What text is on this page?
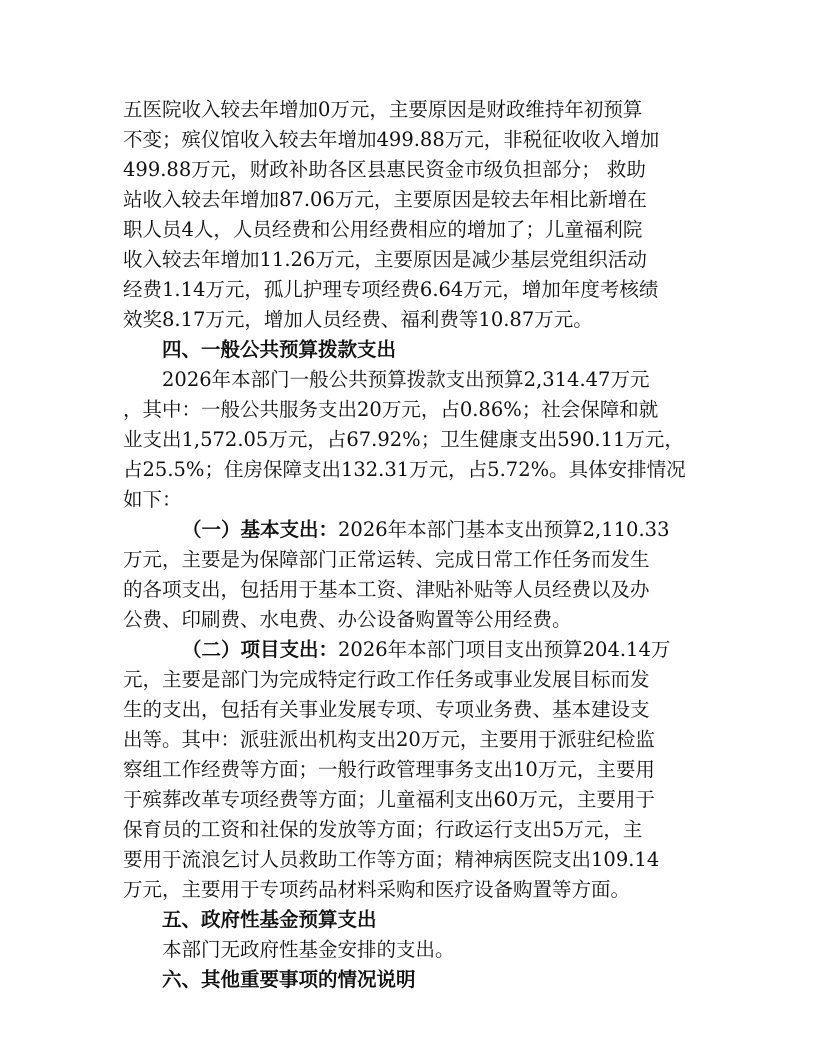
五医院收入较去年增加0万元，主要原因是财政维持年初预算
不变；殡仪馆收入较去年增加499.88万元，非税征收收入增加
499.88万元，财政补助各区县惠民资金市级负担部分； 救助
站收入较去年增加87.06万元，主要原因是较去年相比新增在
职人员4人，人员经费和公用经费相应的增加了；儿童福利院
收入较去年增加11.26万元，主要原因是减少基层党组织活动
经费1.14万元，孤儿护理专项经费6.64万元，增加年度考核绩
效奖8.17万元，增加人员经费、福利费等10.87万元。
四、一般公共预算拨款支出
2026年本部门一般公共预算拨款支出预算2,314.47万元
，其中：一般公共服务支出20万元，占0.86%；社会保障和就
业支出1,572.05万元，占67.92%；卫生健康支出590.11万元，
占25.5%；住房保障支出132.31万元，占5.72%。具体安排情况
如下：
（一）基本支出：2026年本部门基本支出预算2,110.33
万元，主要是为保障部门正常运转、完成日常工作任务而发生
的各项支出，包括用于基本工资、津贴补贴等人员经费以及办
公费、印刷费、水电费、办公设备购置等公用经费。
（二）项目支出：2026年本部门项目支出预算204.14万
元，主要是部门为完成特定行政工作任务或事业发展目标而发
生的支出，包括有关事业发展专项、专项业务费、基本建设支
出等。其中：派驻派出机构支出20万元，主要用于派驻纪检监
察组工作经费等方面；一般行政管理事务支出10万元，主要用
于殡葬改革专项经费等方面；儿童福利支出60万元，主要用于
保育员的工资和社保的发放等方面；行政运行支出5万元，主
要用于流浪乞讨人员救助工作等方面；精神病医院支出109.14
万元，主要用于专项药品材料采购和医疗设备购置等方面。
五、政府性基金预算支出
本部门无政府性基金安排的支出。
六、其他重要事项的情况说明
